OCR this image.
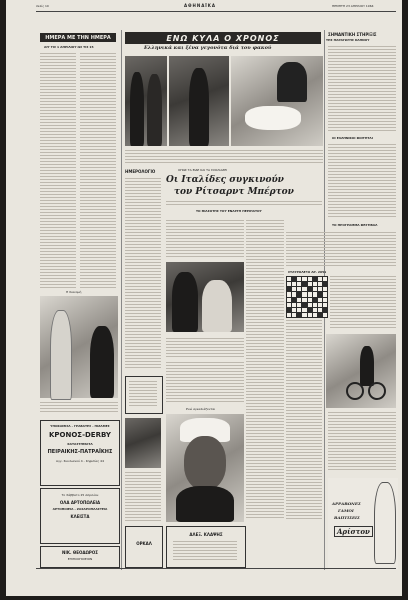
σελίς 10	ΑΘΗΝΑΪΚΑ	ΠΕΜΠΤΗ 23 ΑΠΡΙΛΙΟΥ 1964
ΗΜΕΡΑ ΜΕ ΤΗΝ ΗΜΕΡΑ
ΑΠ' ΤΙΣ 1 ΑΠΡΙΛΙΟΥ ΩΣ ΤΙΣ 15
Η διανομή
ΥΠΟΚΑΜΙΣΑ - ΓΡΑΒΑΤΕΣ - ΠΙΖΑΜΕΣ
ΚΡΟΝΟΣ-DERBY
ΚΑΤΑΣΤΗΜΑΤΑ
ΠΕΙΡΑΙΚΗΣ-ΠΑΤΡΑΪΚΗΣ
Αγγ. Σικελιανού 4 - Κηφισίας 44
Το Σάββατο 25 Απριλίου
ΟΛΑ ΑΡΤΟΠΩΛΕΙΑ
ΑΡΤΟΠΟΙΕΙΑ - ΖΑΧΑΡΟΠΛΑΣΤΕΙΑ
ΚΛΕΙΣΤΑ
ΝΙΚ. ΘΕΟΔΩΡΟΣ
ΕΠΙΠΛΟΠΟΙΕΙΟΝ
ΕΝΩ ΚΥΛΑ Ο ΧΡΟΝΟΣ
Ελληνικά και ξένα γεγονότα διά του φακού
ΗΜΕΡΟΛΟΓΙΟ
ΟΡΚΑΛ
ΟΠΩΣ ΤΑ ΕΙΔΕ ΚΑΙ ΤΑ ΣΧΟΛΙΑΖΕΙ
Οι Ιταλίδες συγκινούν
τον Ρίτσαρντ Μπέρτον
ΤΟ ΘΙΑΣΟΤΗΣ ΤΟΥ ΕΝΑΡΓΗ ΠΕΡΙΠΑΤΟΥ
Ενώ αγκαλιάζονται
ΑΛΕΞ. ΚΛΑΨΗΣ
ΣΗΜΑΝΤΙΚΗ ΣΤΗΡΙΞΙΣ
ΤΗΣ ΠΑΡΑΓΩΓΗΣ ΚΑΠΝΟΥ
ΟΙ ΕΛΛΗΝΙΚΟΙ ΦΟΙΤΗΤΑΙ
ΤΟ ΠΡΟΓΡΑΜΜΑ ΦΕΣΤΙΒΑΛ
ΣΤΑΥΡΟΛΕΞΟ ΑΡ. 2051
ΑΡΡΑΒΩΝΕΣ
ΓΑΜΟΙ
ΒΑΠΤΙΣΕΙΣ
Αρίστον
